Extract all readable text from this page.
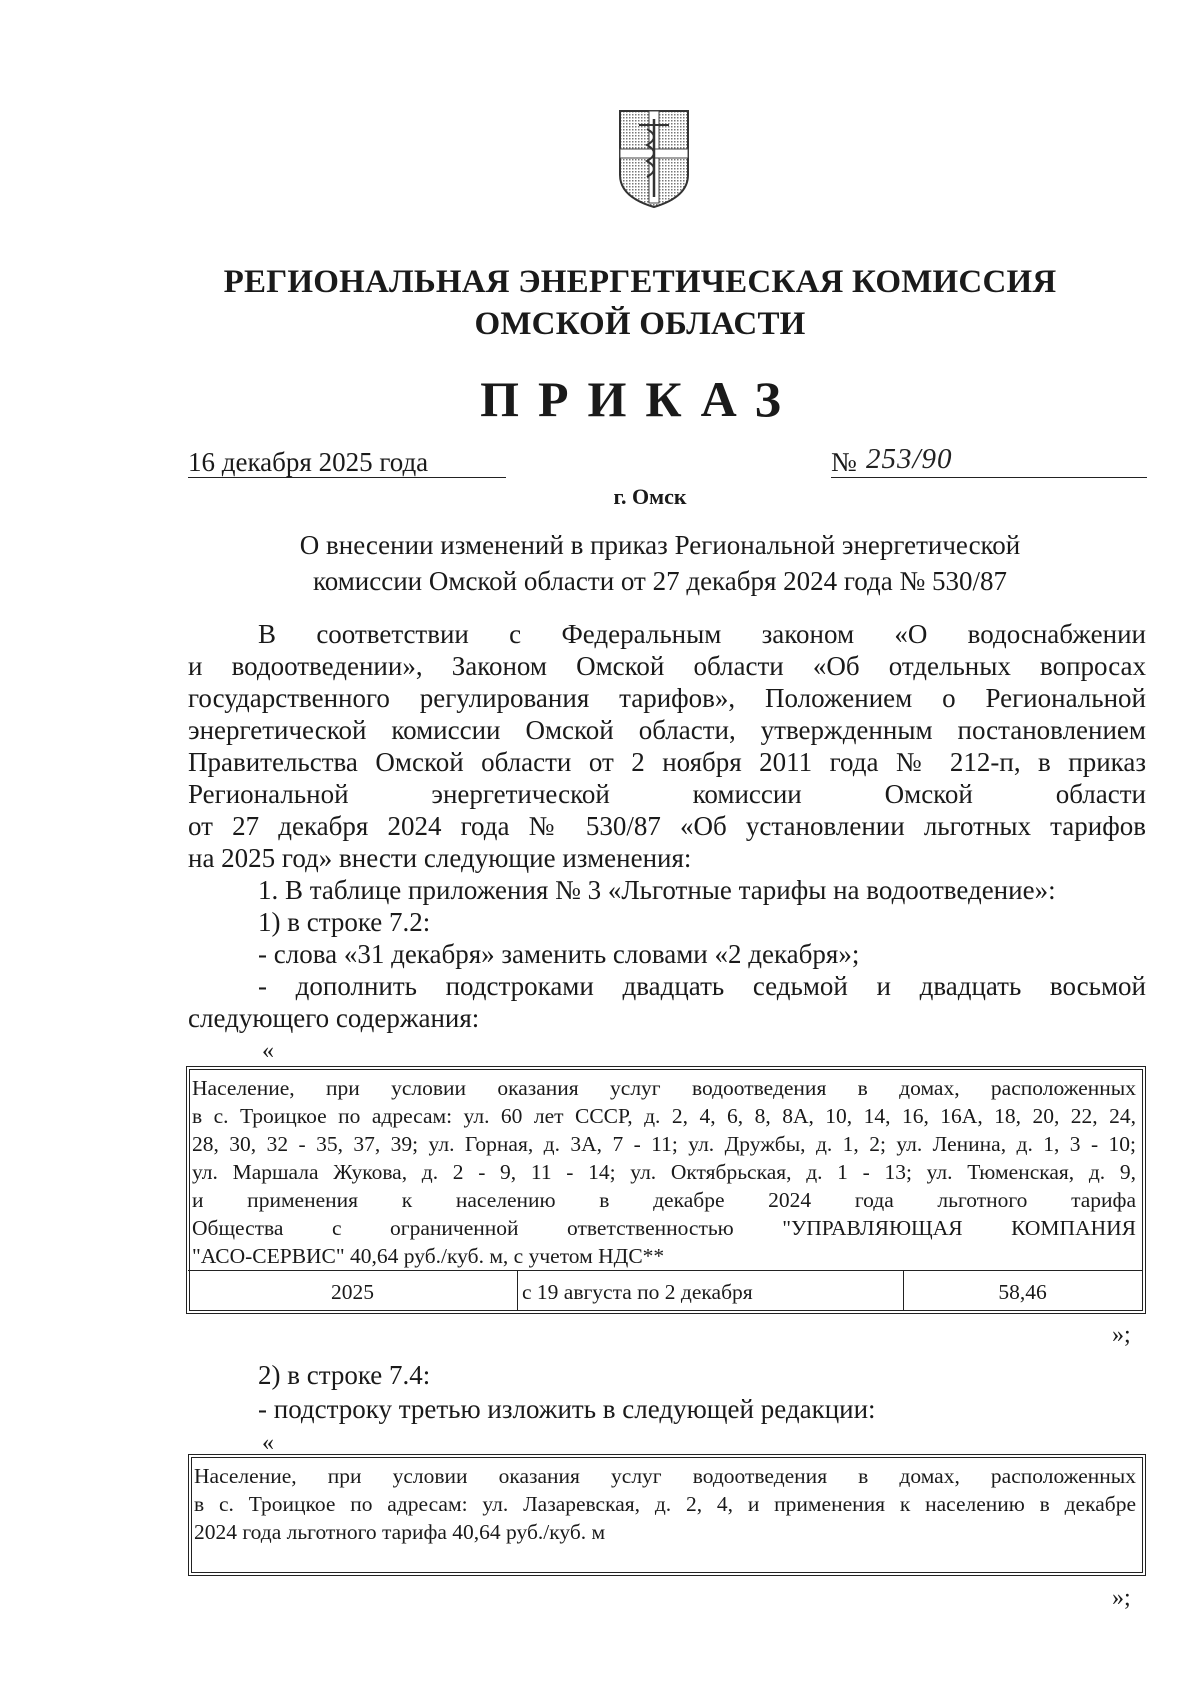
РЕГИОНАЛЬНАЯ ЭНЕРГЕТИЧЕСКАЯ КОМИССИЯ
ОМСКОЙ ОБЛАСТИ
ПРИКАЗ
16 декабря 2025 года	№ 253/90
г. Омск
О внесении изменений в приказ Региональной энергетической
комиссии Омской области от 27 декабря 2024 года № 530/87
В соответствии с Федеральным законом «О водоснабжении
и водоотведении», Законом Омской области «Об отдельных вопросах
государственного регулирования тарифов», Положением о Региональной
энергетической комиссии Омской области, утвержденным постановлением
Правительства Омской области от 2 ноября 2011 года № 212-п, в приказ
Региональной энергетической комиссии Омской области
от 27 декабря 2024 года № 530/87 «Об установлении льготных тарифов
на 2025 год» внести следующие изменения:
1. В таблице приложения № 3 «Льготные тарифы на водоотведение»:
1) в строке 7.2:
- слова «31 декабря» заменить словами «2 декабря»;
- дополнить подстроками двадцать седьмой и двадцать восьмой
следующего содержания:
«
Население, при условии оказания услуг водоотведения в домах, расположенных
в с. Троицкое по адресам: ул. 60 лет СССР, д. 2, 4, 6, 8, 8А, 10, 14, 16, 16А, 18, 20, 22, 24,
28, 30, 32 - 35, 37, 39; ул. Горная, д. 3А, 7 - 11; ул. Дружбы, д. 1, 2; ул. Ленина, д. 1, 3 - 10;
ул. Маршала Жукова, д. 2 - 9, 11 - 14; ул. Октябрьская, д. 1 - 13; ул. Тюменская, д. 9,
и применения к населению в декабре 2024 года льготного тарифа
Общества с ограниченной ответственностью "УПРАВЛЯЮЩАЯ КОМПАНИЯ
"АСО-СЕРВИС" 40,64 руб./куб. м, с учетом НДС**
2025	с 19 августа по 2 декабря	58,46
»;
2) в строке 7.4:
- подстроку третью изложить в следующей редакции:
«
Население, при условии оказания услуг водоотведения в домах, расположенных
в с. Троицкое по адресам: ул. Лазаревская, д. 2, 4, и применения к населению в декабре
2024 года льготного тарифа 40,64 руб./куб. м
»;
